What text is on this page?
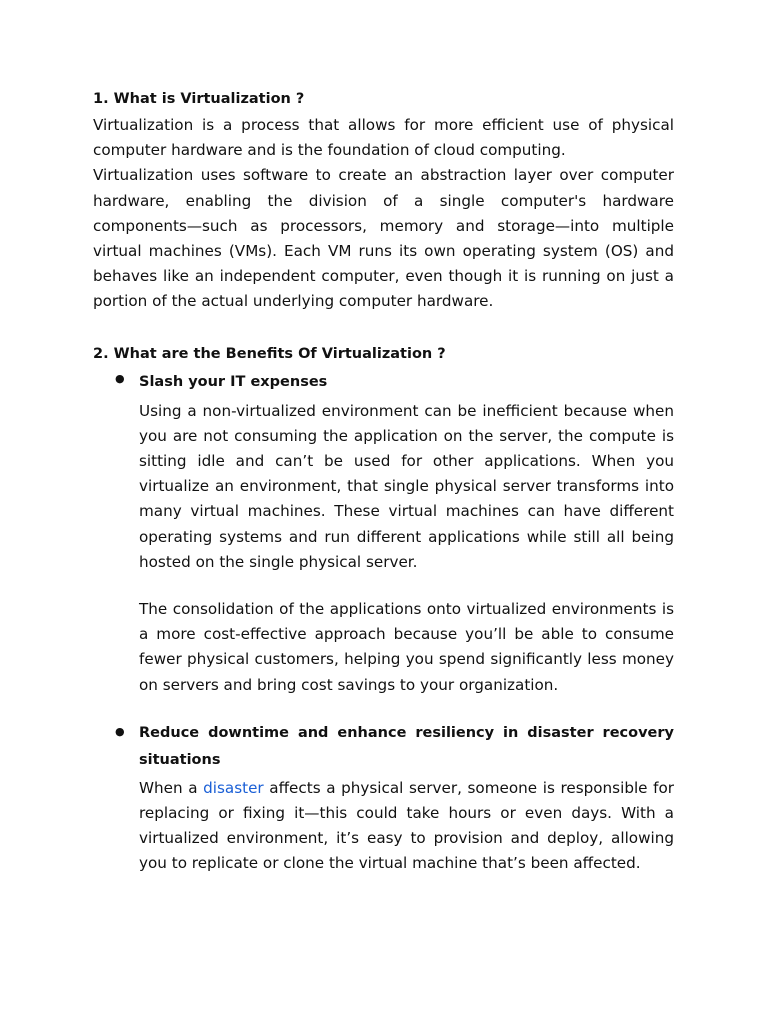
1. What is Virtualization ?

Virtualization is a process that allows for more efficient use of physical computer hardware and is the foundation of cloud computing.

Virtualization uses software to create an abstraction layer over computer hardware, enabling the division of a single computer's hardware components—such as processors, memory and storage—into multiple virtual machines (VMs). Each VM runs its own operating system (OS) and behaves like an independent computer, even though it is running on just a portion of the actual underlying computer hardware.

2. What are the Benefits Of Virtualization ?
● Slash your IT expenses

Using a non-virtualized environment can be inefficient because when you are not consuming the application on the server, the compute is sitting idle and can’t be used for other applications. When you virtualize an environment, that single physical server transforms into many virtual machines. These virtual machines can have different operating systems and run different applications while still all being hosted on the single physical server.

The consolidation of the applications onto virtualized environments is a more cost-effective approach because you’ll be able to consume fewer physical customers, helping you spend significantly less money on servers and bring cost savings to your organization.

● Reduce downtime and enhance resiliency in disaster recovery situations

When a disaster affects a physical server, someone is responsible for replacing or fixing it—this could take hours or even days. With a virtualized environment, it’s easy to provision and deploy, allowing you to replicate or clone the virtual machine that’s been affected.
